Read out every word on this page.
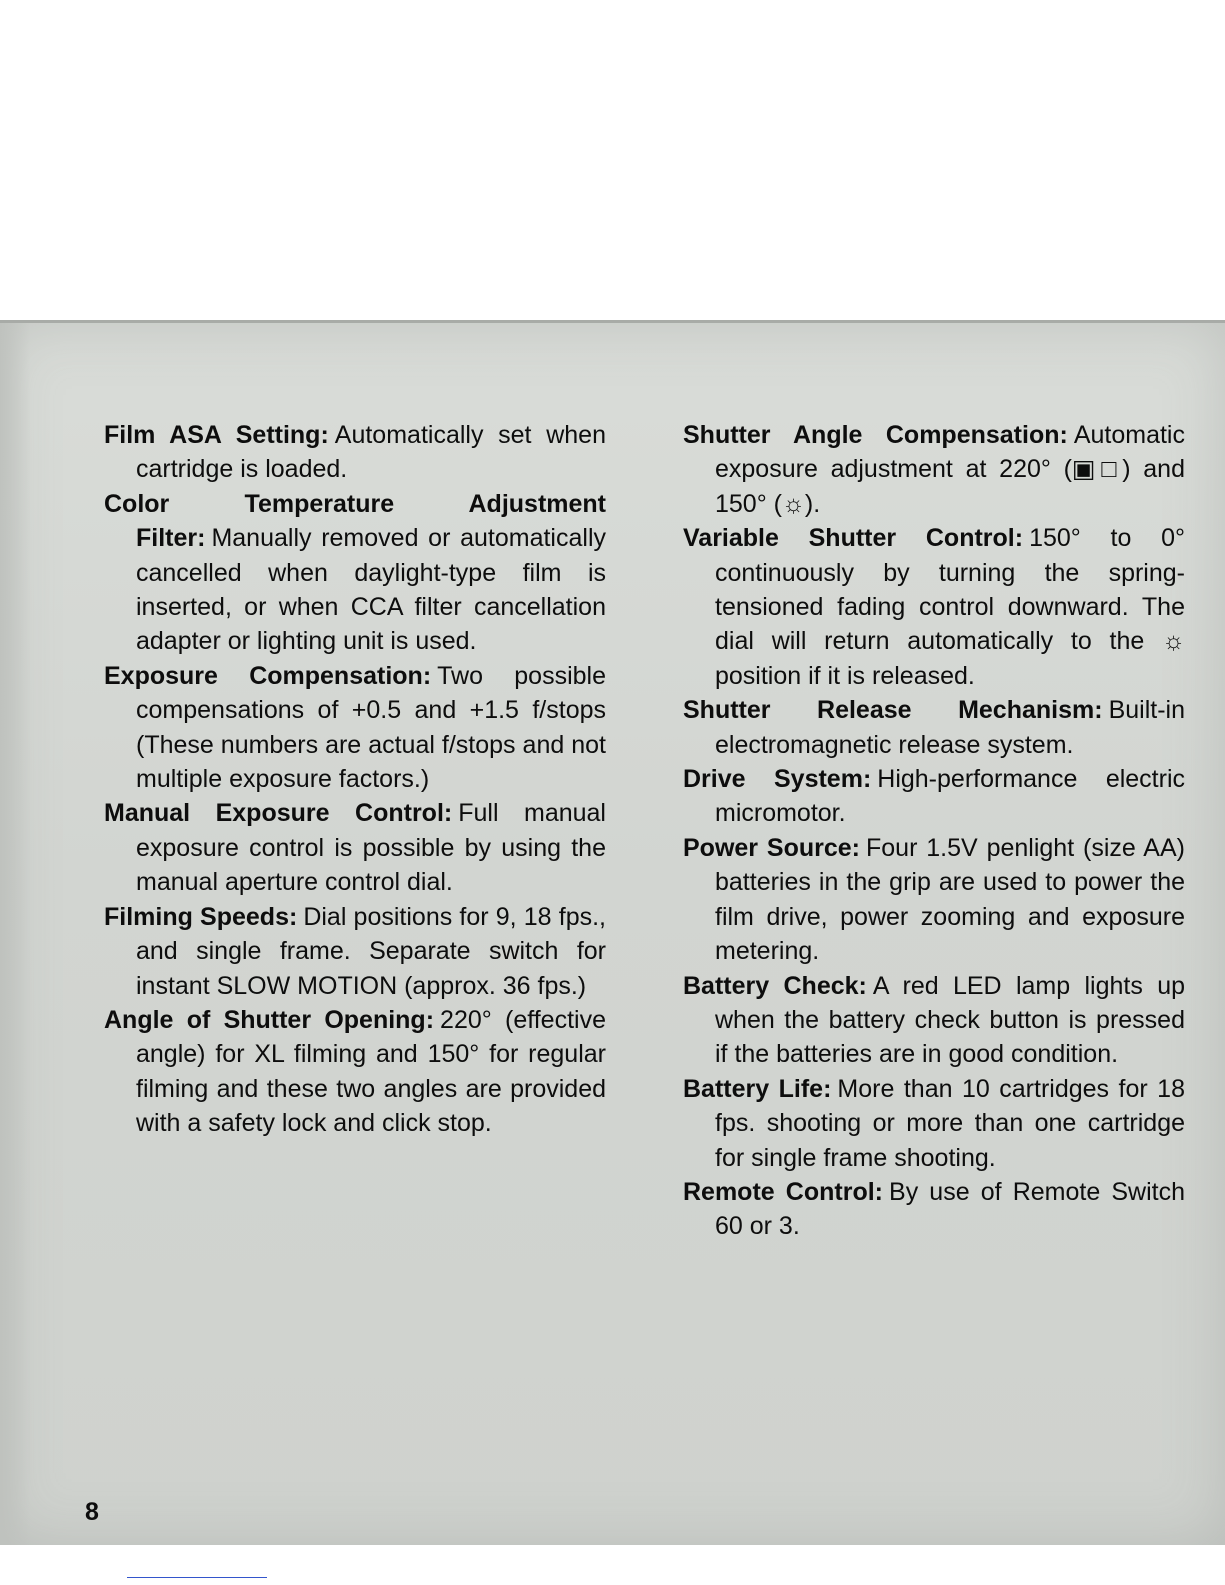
Film ASA Setting: Automatically set when cartridge is loaded.

Color Temperature Adjustment Filter: Manually removed or automatically cancelled when daylight-type film is inserted, or when CCA filter cancellation adapter or lighting unit is used.

Exposure Compensation: Two possible compensations of +0.5 and +1.5 f/stops (These numbers are actual f/stops and not multiple exposure factors.)

Manual Exposure Control: Full manual exposure control is possible by using the manual aperture control dial.

Filming Speeds: Dial positions for 9, 18 fps., and single frame. Separate switch for instant SLOW MOTION (approx. 36 fps.)

Angle of Shutter Opening: 220° (effective angle) for XL filming and 150° for regular filming and these two angles are provided with a safety lock and click stop.

Shutter Angle Compensation: Automatic exposure adjustment at 220° (▣□) and 150° (☼).

Variable Shutter Control: 150° to 0° continuously by turning the spring-tensioned fading control downward. The dial will return automatically to the ☼ position if it is released.

Shutter Release Mechanism: Built-in electromagnetic release system.

Drive System: High-performance electric micromotor.

Power Source: Four 1.5V penlight (size AA) batteries in the grip are used to power the film drive, power zooming and exposure metering.

Battery Check: A red LED lamp lights up when the battery check button is pressed if the batteries are in good condition.

Battery Life: More than 10 cartridges for 18 fps. shooting or more than one cartridge for single frame shooting.

Remote Control: By use of Remote Switch 60 or 3.

8
